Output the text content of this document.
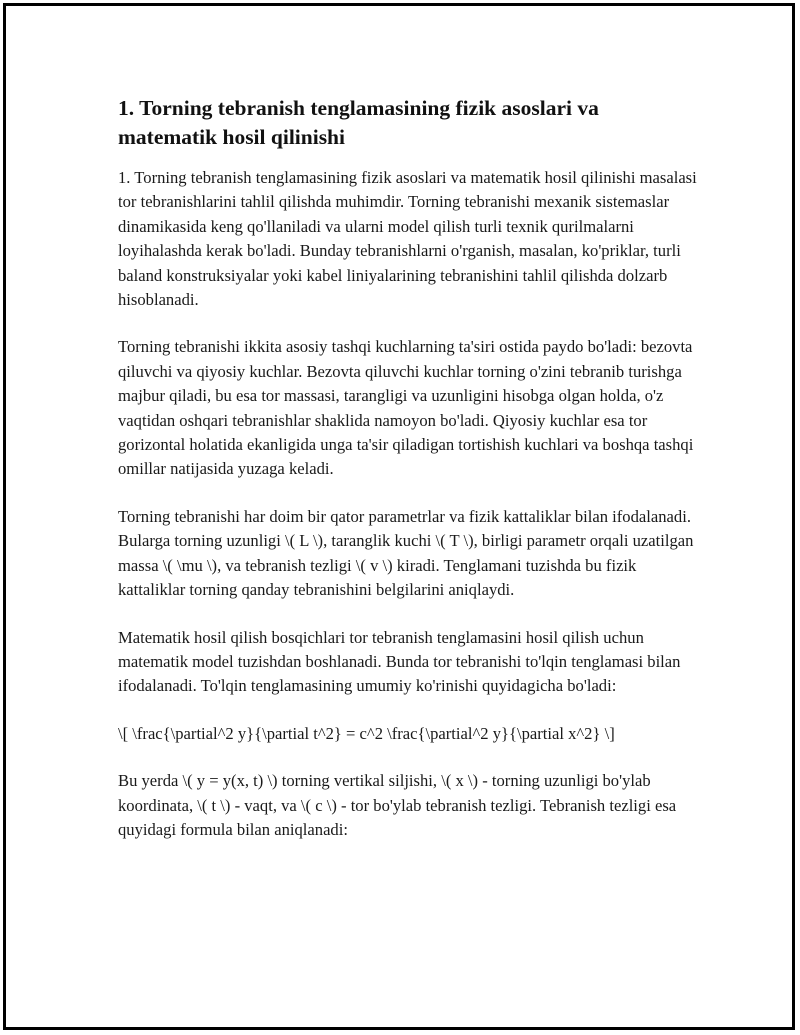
1. Torning tebranish tenglamasining fizik asoslari va matematik hosil qilinishi

1. Torning tebranish tenglamasining fizik asoslari va matematik hosil qilinishi masalasi tor tebranishlarini tahlil qilishda muhimdir. Torning tebranishi mexanik sistemaslar dinamikasida keng qo'llaniladi va ularni model qilish turli texnik qurilmalarni loyihalashda kerak bo'ladi. Bunday tebranishlarni o'rganish, masalan, ko'priklar, turli baland konstruksiyalar yoki kabel liniyalarining tebranishini tahlil qilishda dolzarb hisoblanadi.

Torning tebranishi ikkita asosiy tashqi kuchlarning ta'siri ostida paydo bo'ladi: bezovta qiluvchi va qiyosiy kuchlar. Bezovta qiluvchi kuchlar torning o'zini tebranib turishga majbur qiladi, bu esa tor massasi, tarangligi va uzunligini hisobga olgan holda, o'z vaqtidan oshqari tebranishlar shaklida namoyon bo'ladi. Qiyosiy kuchlar esa tor gorizontal holatida ekanligida unga ta'sir qiladigan tortishish kuchlari va boshqa tashqi omillar natijasida yuzaga keladi.

Torning tebranishi har doim bir qator parametrlar va fizik kattaliklar bilan ifodalanadi. Bularga torning uzunligi \( L \), taranglik kuchi \( T \), birligi parametr orqali uzatilgan massa \( \mu \), va tebranish tezligi \( v \) kiradi. Tenglamani tuzishda bu fizik kattaliklar torning qanday tebranishini belgilarini aniqlaydi.

Matematik hosil qilish bosqichlari tor tebranish tenglamasini hosil qilish uchun matematik model tuzishdan boshlanadi. Bunda tor tebranishi to'lqin tenglamasi bilan ifodalanadi. To'lqin tenglamasining umumiy ko'rinishi quyidagicha bo'ladi:

\[ \frac{\partial^2 y}{\partial t^2} = c^2 \frac{\partial^2 y}{\partial x^2} \]

Bu yerda \( y = y(x, t) \) torning vertikal siljishi, \( x \) - torning uzunligi bo'ylab koordinata, \( t \) - vaqt, va \( c \) - tor bo'ylab tebranish tezligi. Tebranish tezligi esa quyidagi formula bilan aniqlanadi:
